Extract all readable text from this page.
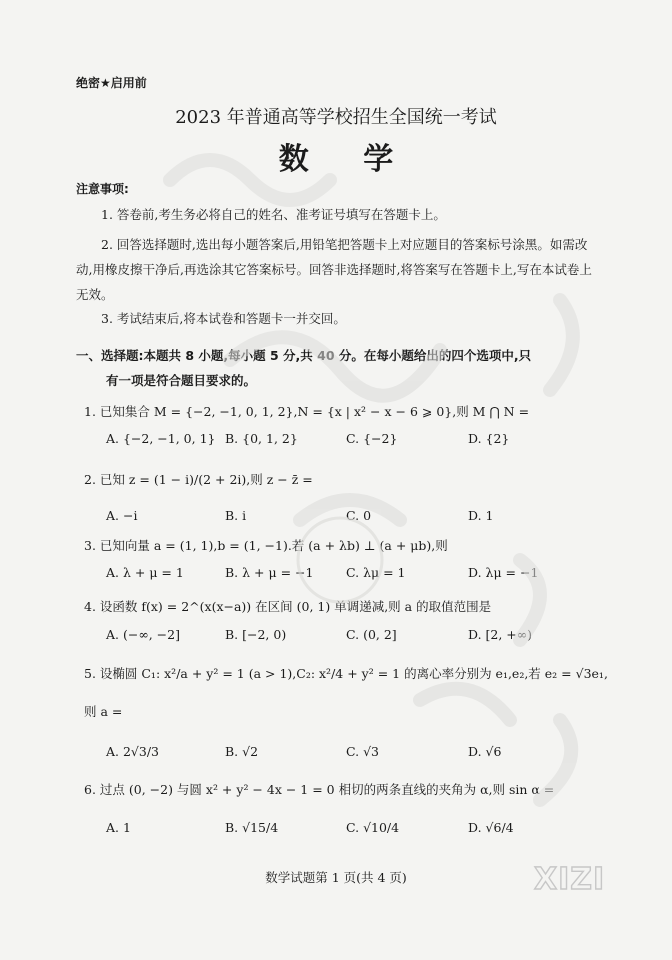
绝密★启用前
2023 年普通高等学校招生全国统一考试
数 学
注意事项:
1. 答卷前,考生务必将自己的姓名、准考证号填写在答题卡上。
2. 回答选择题时,选出每小题答案后,用铅笔把答题卡上对应题目的答案标号涂黑。如需改动,用橡皮擦干净后,再选涂其它答案标号。回答非选择题时,将答案写在答题卡上,写在本试卷上无效。
3. 考试结束后,将本试卷和答题卡一并交回。
一、选择题:本题共 8 小题,每小题 5 分,共 40 分。在每小题给出的四个选项中,只
有一项是符合题目要求的。
1. 已知集合 M = {−2, −1, 0, 1, 2},N = {x | x² − x − 6 ⩾ 0},则 M ⋂ N =
A. {−2, −1, 0, 1} B. {0, 1, 2}	C. {−2}	D. {2}
2. 已知 z = (1 − i)/(2 + 2i),则 z − z̄ =
A. −i	B. i	C. 0	D. 1
3. 已知向量 a = (1, 1),b = (1, −1).若 (a + λb) ⊥ (a + μb),则
A. λ + μ = 1	B. λ + μ = −1	C. λμ = 1	D. λμ = −1
4. 设函数 f(x) = 2^(x(x−a)) 在区间 (0, 1) 单调递减,则 a 的取值范围是
A. (−∞, −2]	B. [−2, 0)	C. (0, 2]	D. [2, +∞)
5. 设椭圆 C₁: x²/a + y² = 1 (a > 1),C₂: x²/4 + y² = 1 的离心率分别为 e₁,e₂,若 e₂ = √3e₁,
则 a =
A. 2√3/3	B. √2	C. √3	D. √6
6. 过点 (0, −2) 与圆 x² + y² − 4x − 1 = 0 相切的两条直线的夹角为 α,则 sin α =
A. 1	B. √15/4	C. √10/4	D. √6/4
数学试题第 1 页(共 4 页)	XIZI
